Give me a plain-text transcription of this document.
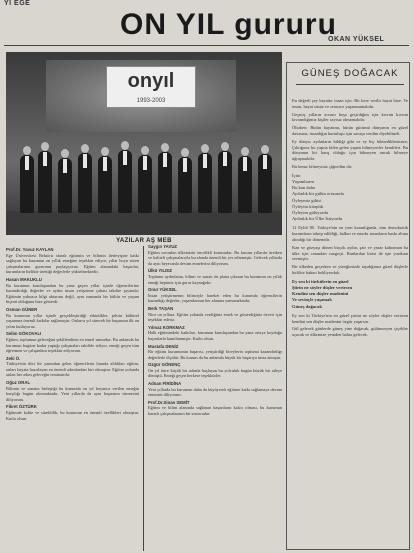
YI EGE
ON YIL gururu
OKAN YÜKSEL
onyıl
1993-2003
YAZILAR AŞ MEB

Prof.Dr. Yavuz KAYLAN
Ege Üniversitesi Rektörü olarak eğitimin ve bilimin ilerleyişine katkı sağlayan bu kurumun on yıllık emeğine teşekkür ediyor, yıllar boyu süren çalışmalarının gururunu paylaşıyoruz. Eğitim alanındaki başarılar, kurumların birlikte ürettiği değerlerle yükselmektedir.

Hasan MAKUKLU
Bu kurumun kuruluşundan bu yana geçen yıllar içinde öğrencilerine kazandırdığı değerler ve aydın insan yetiştirme çabası takdire şayandır. Eğitimin yalnızca bilgi aktarımı değil, aynı zamanda bir kültür ve yaşam biçimi olduğunu bize gösterdi.

Osman GÜNER
Bu kurumun yıllar içinde gerçekleştirdiği etkinlikler, şehrin kültürel yaşamına önemli katkılar sağlamıştır. Onlarca yıl sürecek bir başarının ilk on yılını kutluyoruz.

Selim GÖKOVALI
Eğitim, toplumun geleceğini şekillendiren en temel unsurdur. Bu anlamda bu kurumun bugüne kadar yaptığı çalışmaları takdirle izliyor, emeği geçen tüm öğretmen ve çalışanlara teşekkür ediyorum.

Zeki Ö.
Türkiye'nin dört bir yanından gelen öğrencilerin burada aldıkları eğitim, onları hayata hazırlayan en önemli adımlardan biri olmuştur. Eğitim yolunda atılan her adım geleceğin teminatıdır.

Oğuz ORAL
Bilimin ve sanatın birleştiği bu kurumda on yıl boyunca verilen emeğin karşılığı bugün alınmaktadır. Yeni yıllarda da aynı başarının sürmesini diliyorum.

Fikret ÖZTÜRK
Eğitimde kalite ve süreklilik, bu kurumun en önemli özellikleri olmuştur. Kutlu olsun.

Saygın YAVUZ
Eğitim sorunları ülkemizin öncelikli konusudur. Bu kurum yıllardır üretken ve kaliteli çalışmalarıyla bu alanda önemli bir yer edinmiştir. Gelecek yıllarda da aynı heyecanla devam etmelerini diliyorum.

Ülkü YILDIZ
Toplumu aydınlatan, bilimi ve sanatı ön plana çıkaran bu kurumun on yıllık emeği hepimiz için gurur kaynağıdır.

Onur YÜKSEL
İnsan yetiştirmenin bilinciyle hareket eden bu kurumda öğrencilerin kazandığı değerler, yaşamlarının her alanına yansımaktadır.

Berk TAŞAN
Nice on yıllara. Eğitim yolunda verdiğiniz emek ve gösterdiğiniz özveri için teşekkür ederiz.

Yılmaz KORKMAZ
Halk eğitimindeki katkıları, kurumun kuruluşundan bu yana ortaya koyduğu başarılarla kanıtlanmıştır. Kutlu olsun.

Mustafa DENİZ
Bir eğitim kurumunun başarısı, yetiştirdiği bireylerin topluma kazandırdığı değerlerle ölçülür. Bu kurum da bu anlamda büyük bir başarıya imza atmıştır.

Ozgür GÖNENÇ
On yıl önce küçük bir adımla başlayan bu yolculuk bugün büyük bir aileye dönüştü. Emeği geçen herkese teşekkürler.

Adnan FİRİDİNA
Yeni yıllarda bu kurumun daha da büyüyerek eğitime katkı sağlamaya devam etmesini diliyorum.

Prof.Dr.Sinan SEMİT
Eğitim ve bilim alanında sağlanan başarıların kalıcı olması, bu kurumun kararlı çalışmalarının bir sonucudur.

GÜNEŞ DOĞACAK

En değerli şey hayattır insan için. Bir kere verilir hayat bize. Ve insan, hayat süsüz ve sessizce yaşanmamalıdır.

Geçmiş yılların acısını boşa geçirdiğim için kıvrım kıvrım kıvrandığımız kişiler sayısız olmamalıdır.

Ölürken: Bütün hayatımı, bütün gücümü dünyanın en güzel davasına, insanlığın kurtuluşu için savaşa verdim diyebilmeli.

Ey dünya; aydınların bildiği gibi ve ey hiç bilmediklerimize; Çıktığınız bu yapıta bilen gelen yapan bilmeyenler kendileri. Bu dünyanın bir barış olduğu için bilmeyen ancak bilmeye uğraşmalıdır.

Bu kenar bilmeyiniz çiğnedim dir:

İçtin
Yaşamlarım
Bu kan daha
Aydınlık bir gülün ortasında
Öyleymiz gibisi
Öyleyim kitaplık
Öyleyim gülüyordu
Aydınlık bir Ülke İstiyordu

12 Eylül 80. Türkiye'nin en yeni karanlığında, tüm demokratik kurumların tahrip edildiği, halkın ve onurlu insanların baskı altına alındığı bir dönemdir.

Kan ve gözyaşı dönen birçok aydın, şair ve yazar kahraman bu ülke için canından vazgeçti. Bunlardan birisi de işte yurdunu sevmiştir.

Bir ülkeden geçerken ve yüreğimizde taşıdığımız güzel düşlerle birlikte baharı bekliyorduk.

Ey sen ki türkülerin en güzel
Şiirin ne söyler düşler verirsen
Kendini sen düşler madenini
Ve sevinçle yaşamak
Güneş doğacak

Ey sen ki Türkiye'nin en güzel şiirini ne söyler düşler verirsen kendini sen düşler madenini özgür yaşarsın.

Gül gelecek günlerde güneş yine doğacak, gülümseyen çiçekler açacak ve ülkemize yeniden bahar gelecek.
